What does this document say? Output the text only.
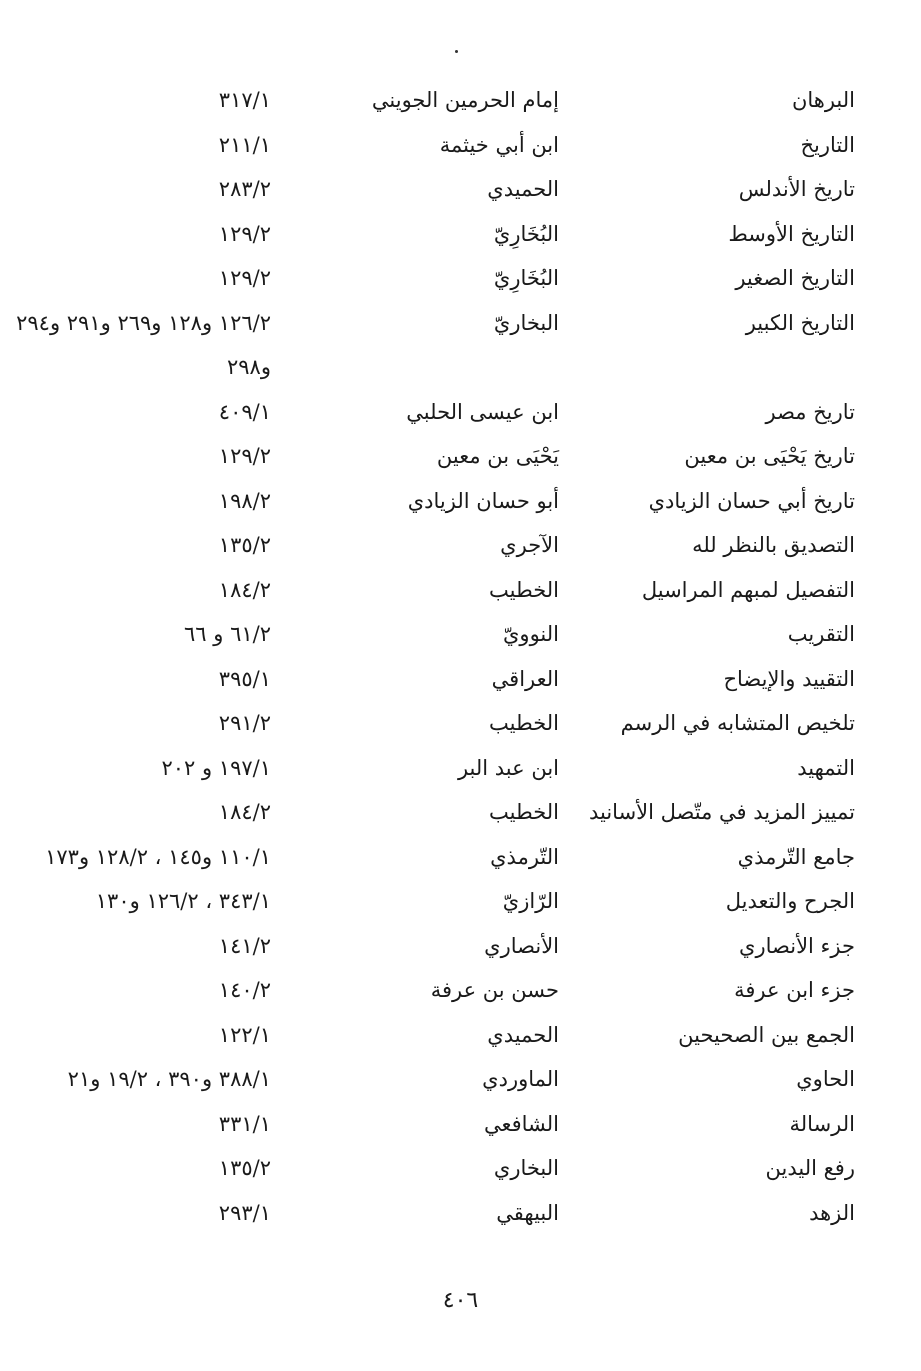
البرهان
إمام الحرمين الجويني
٣١٧/١
التاريخ
ابن أبي خيثمة
٢١١/١
تاريخ الأندلس
الحميدي
٢٨٣/٢
التاريخ الأوسط
البُخَارِيّ
١٢٩/٢
التاريخ الصغير
البُخَارِيّ
١٢٩/٢
التاريخ الكبير
البخاريّ
١٢٦/٢ و١٢٨ و٢٦٩ و٢٩١ و٢٩٤
و٢٩٨
تاريخ مصر
ابن عيسى الحلبي
٤٠٩/١
تاريخ يَحْيَى بن معين
يَحْيَى بن معين
١٢٩/٢
تاريخ أبي حسان الزيادي
أبو حسان الزيادي
١٩٨/٢
التصديق بالنظر لله
الآجري
١٣٥/٢
التفصيل لمبهم المراسيل
الخطيب
١٨٤/٢
التقريب
النوويّ
٦١/٢ و ٦٦
التقييد والإيضاح
العراقي
٣٩٥/١
تلخيص المتشابه في الرسم
الخطيب
٢٩١/٢
التمهيد
ابن عبد البر
١٩٧/١ و ٢٠٢
تمييز المزيد في متّصل الأسانيد
الخطيب
١٨٤/٢
جامع التّرمذي
التّرمذي
١١٠/١ و١٤٥ ، ١٢٨/٢ و١٧٣
الجرح والتعديل
الرّازيّ
٣٤٣/١ ، ١٢٦/٢ و١٣٠
جزء الأنصاري
الأنصاري
١٤١/٢
جزء ابن عرفة
حسن بن عرفة
١٤٠/٢
الجمع بين الصحيحين
الحميدي
١٢٢/١
الحاوي
الماوردي
٣٨٨/١ و٣٩٠ ، ١٩/٢ و٢١
الرسالة
الشافعي
٣٣١/١
رفع اليدين
البخاري
١٣٥/٢
الزهد
البيهقي
٢٩٣/١
٤٠٦
